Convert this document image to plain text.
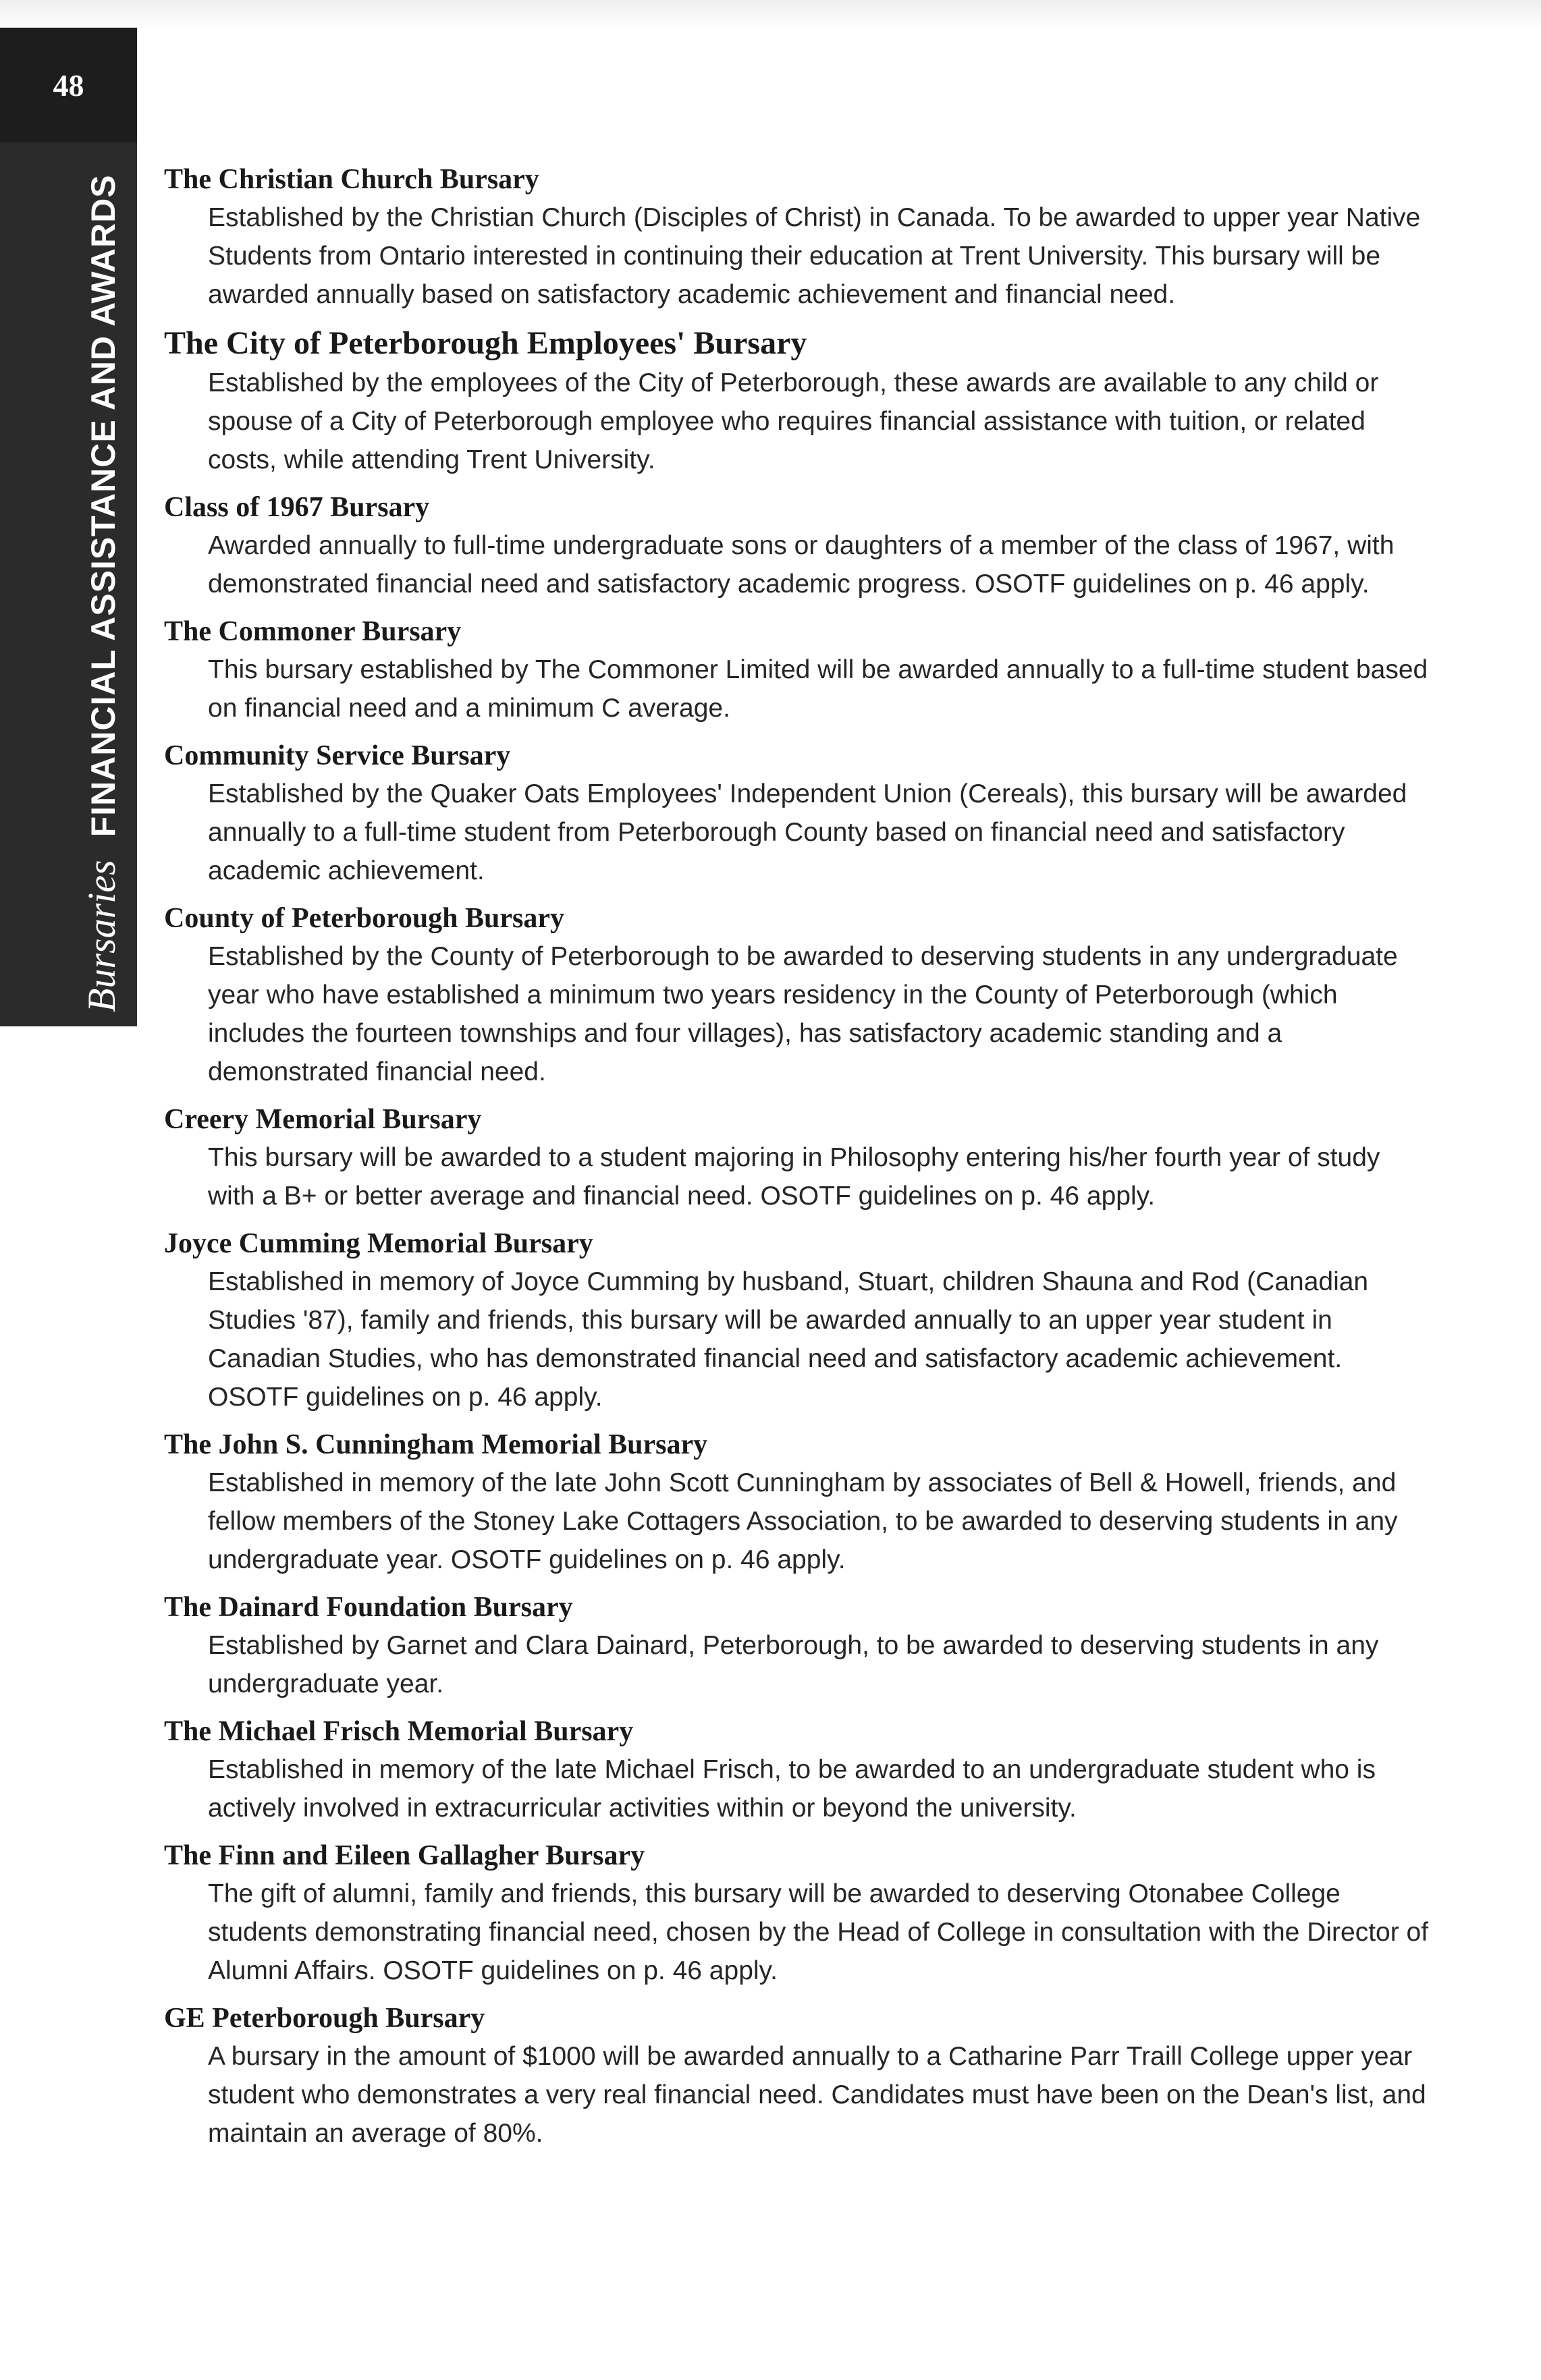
48
Bursaries
FINANCIAL ASSISTANCE AND AWARDS The Christian Church Bursary
Established by the Christian Church (Disciples of Christ) in Canada. To be awarded to upper year Native Students from Ontario interested in continuing their education at Trent University. This bursary will be awarded annually based on satisfactory academic achievement and financial need.
The City of Peterborough Employees' Bursary
Established by the employees of the City of Peterborough, these awards are available to any child or spouse of a City of Peterborough employee who requires financial assistance with tuition, or related costs, while attending Trent University.
Class of 1967 Bursary
Awarded annually to full-time undergraduate sons or daughters of a member of the class of 1967, with demonstrated financial need and satisfactory academic progress. OSOTF guidelines on p. 46 apply.
The Commoner Bursary
This bursary established by The Commoner Limited will be awarded annually to a full-time student based on financial need and a minimum C average.
Community Service Bursary
Established by the Quaker Oats Employees' Independent Union (Cereals), this bursary will be awarded annually to a full-time student from Peterborough County based on financial need and satisfactory academic achievement.
County of Peterborough Bursary
Established by the County of Peterborough to be awarded to deserving students in any undergraduate year who have established a minimum two years residency in the County of Peterborough (which includes the fourteen townships and four villages), has satisfactory academic standing and a demonstrated financial need.
Creery Memorial Bursary
This bursary will be awarded to a student majoring in Philosophy entering his/her fourth year of study with a B+ or better average and financial need. OSOTF guidelines on p. 46 apply.
Joyce Cumming Memorial Bursary
Established in memory of Joyce Cumming by husband, Stuart, children Shauna and Rod (Canadian Studies '87), family and friends, this bursary will be awarded annually to an upper year student in Canadian Studies, who has demonstrated financial need and satisfactory academic achievement. OSOTF guidelines on p. 46 apply.
The John S. Cunningham Memorial Bursary
Established in memory of the late John Scott Cunningham by associates of Bell & Howell, friends, and fellow members of the Stoney Lake Cottagers Association, to be awarded to deserving students in any undergraduate year. OSOTF guidelines on p. 46 apply.
The Dainard Foundation Bursary
Established by Garnet and Clara Dainard, Peterborough, to be awarded to deserving students in any undergraduate year.
The Michael Frisch Memorial Bursary
Established in memory of the late Michael Frisch, to be awarded to an undergraduate student who is actively involved in extracurricular activities within or beyond the university.
The Finn and Eileen Gallagher Bursary
The gift of alumni, family and friends, this bursary will be awarded to deserving Otonabee College students demonstrating financial need, chosen by the Head of College in consultation with the Director of Alumni Affairs. OSOTF guidelines on p. 46 apply.
GE Peterborough Bursary
A bursary in the amount of $1000 will be awarded annually to a Catharine Parr Traill College upper year student who demonstrates a very real financial need. Candidates must have been on the Dean's list, and maintain an average of 80%.
